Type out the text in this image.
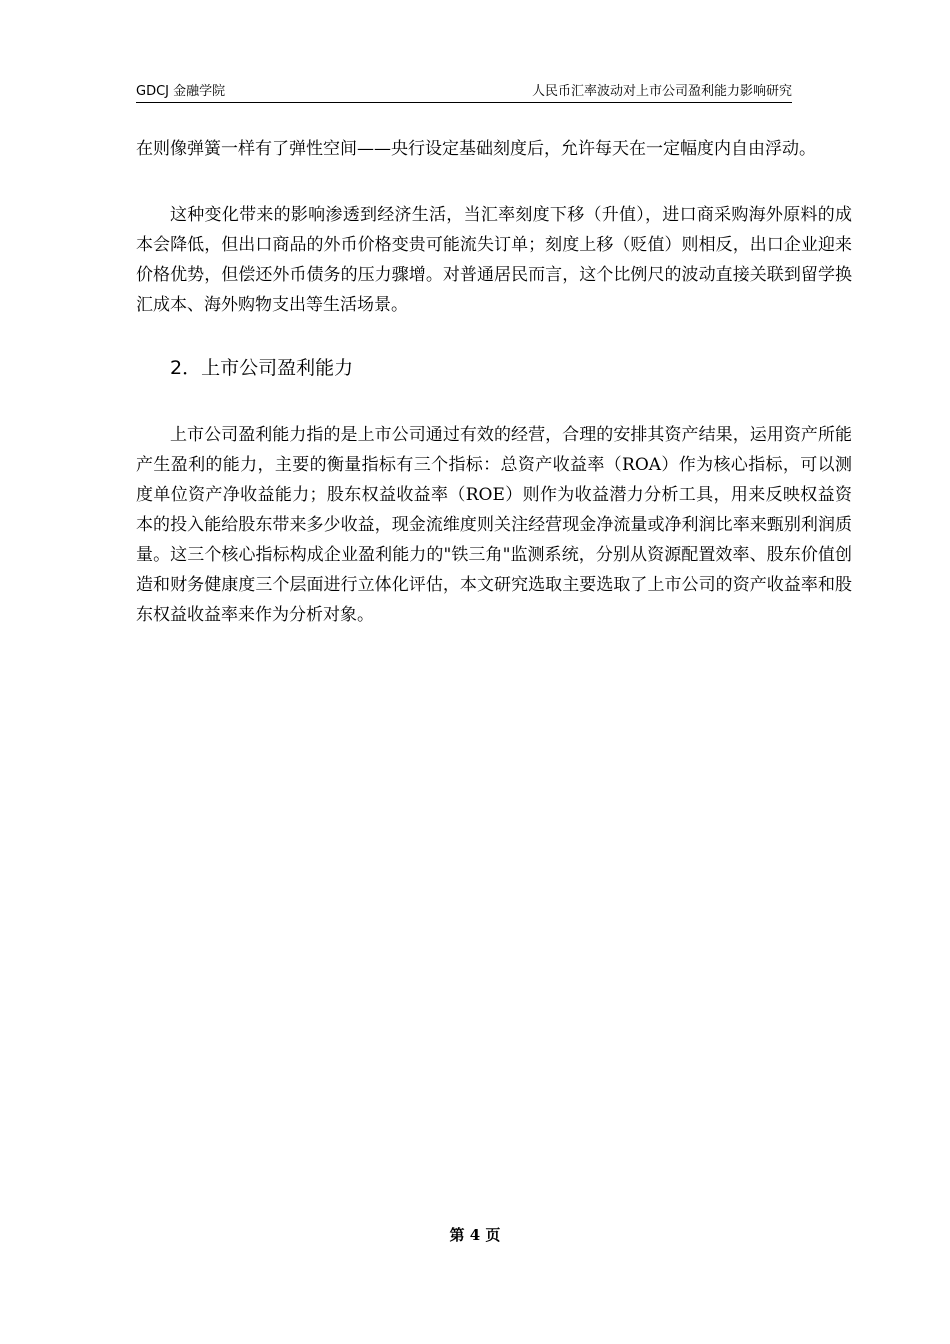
GDCJ 金融学院	人民币汇率波动对上市公司盈利能力影响研究

在则像弹簧一样有了弹性空间——央行设定基础刻度后，允许每天在一定幅度内自由浮动。

这种变化带来的影响渗透到经济生活，当汇率刻度下移（升值），进口商采购海外原料的成本会降低，但出口商品的外币价格变贵可能流失订单；刻度上移（贬值）则相反，出口企业迎来价格优势，但偿还外币债务的压力骤增。对普通居民而言，这个比例尺的波动直接关联到留学换汇成本、海外购物支出等生活场景。

2．上市公司盈利能力

上市公司盈利能力指的是上市公司通过有效的经营，合理的安排其资产结果，运用资产所能产生盈利的能力，主要的衡量指标有三个指标：总资产收益率（ROA）作为核心指标，可以测度单位资产净收益能力；股东权益收益率（ROE）则作为收益潜力分析工具，用来反映权益资本的投入能给股东带来多少收益，现金流维度则关注经营现金净流量或净利润比率来甄别利润质量。这三个核心指标构成企业盈利能力的"铁三角"监测系统，分别从资源配置效率、股东价值创造和财务健康度三个层面进行立体化评估，本文研究选取主要选取了上市公司的资产收益率和股东权益收益率来作为分析对象。

第 4 页
